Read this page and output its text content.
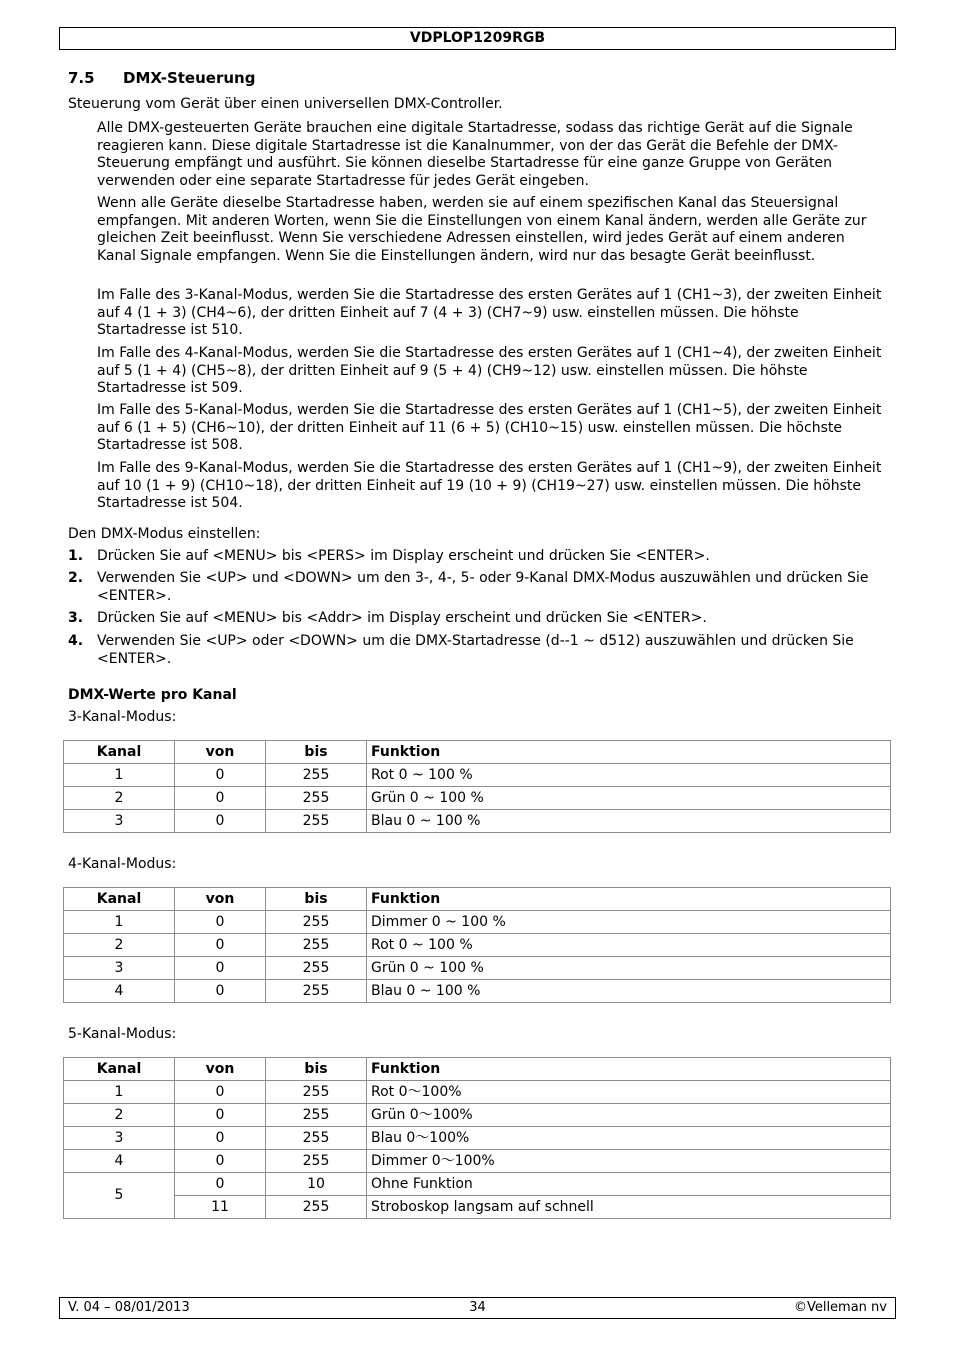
VDPLOP1209RGB
7.5 DMX-Steuerung

Steuerung vom Gerät über einen universellen DMX-Controller.

Alle DMX-gesteuerten Geräte brauchen eine digitale Startadresse, sodass das richtige Gerät auf die Signale reagieren kann. Diese digitale Startadresse ist die Kanalnummer, von der das Gerät die Befehle der DMX-Steuerung empfängt und ausführt. Sie können dieselbe Startadresse für eine ganze Gruppe von Geräten verwenden oder eine separate Startadresse für jedes Gerät eingeben.

Wenn alle Geräte dieselbe Startadresse haben, werden sie auf einem spezifischen Kanal das Steuersignal empfangen. Mit anderen Worten, wenn Sie die Einstellungen von einem Kanal ändern, werden alle Geräte zur gleichen Zeit beeinflusst. Wenn Sie verschiedene Adressen einstellen, wird jedes Gerät auf einem anderen Kanal Signale empfangen. Wenn Sie die Einstellungen ändern, wird nur das besagte Gerät beeinflusst.

Im Falle des 3-Kanal-Modus, werden Sie die Startadresse des ersten Gerätes auf 1 (CH1~3), der zweiten Einheit auf 4 (1 + 3) (CH4~6), der dritten Einheit auf 7 (4 + 3) (CH7~9) usw. einstellen müssen. Die höhste Startadresse ist 510.

Im Falle des 4-Kanal-Modus, werden Sie die Startadresse des ersten Gerätes auf 1 (CH1~4), der zweiten Einheit auf 5 (1 + 4) (CH5~8), der dritten Einheit auf 9 (5 + 4) (CH9~12) usw. einstellen müssen. Die höhste Startadresse ist 509.

Im Falle des 5-Kanal-Modus, werden Sie die Startadresse des ersten Gerätes auf 1 (CH1~5), der zweiten Einheit auf 6 (1 + 5) (CH6~10), der dritten Einheit auf 11 (6 + 5) (CH10~15) usw. einstellen müssen. Die höchste Startadresse ist 508.

Im Falle des 9-Kanal-Modus, werden Sie die Startadresse des ersten Gerätes auf 1 (CH1~9), der zweiten Einheit auf 10 (1 + 9) (CH10~18), der dritten Einheit auf 19 (10 + 9) (CH19~27) usw. einstellen müssen. Die höhste Startadresse ist 504.

Den DMX-Modus einstellen:

1. Drücken Sie auf <MENU> bis <PERS> im Display erscheint und drücken Sie <ENTER>.
2. Verwenden Sie <UP> und <DOWN> um den 3-, 4-, 5- oder 9-Kanal DMX-Modus auszuwählen und drücken Sie <ENTER>.
3. Drücken Sie auf <MENU> bis <Addr> im Display erscheint und drücken Sie <ENTER>.
4. Verwenden Sie <UP> oder <DOWN> um die DMX-Startadresse (d--1 ~ d512) auszuwählen und drücken Sie <ENTER>.
DMX-Werte pro Kanal

3-Kanal-Modus:

Kanal	von	bis	Funktion
1	0	255	Rot 0 ~ 100 %
2	0	255	Grün 0 ~ 100 %
3	0	255	Blau 0 ~ 100 %

4-Kanal-Modus:

Kanal	von	bis	Funktion
1	0	255	Dimmer 0 ~ 100 %
2	0	255	Rot 0 ~ 100 %
3	0	255	Grün 0 ~ 100 %
4	0	255	Blau 0 ~ 100 %

5-Kanal-Modus:

Kanal	von	bis	Funktion
1	0	255	Rot 0～100%
2	0	255	Grün 0～100%
3	0	255	Blau 0～100%
4	0	255	Dimmer 0～100%
5	0	10	Ohne Funktion
	11	255	Stroboskop langsam auf schnell
V. 04 – 08/01/2013	34	©Velleman nv
